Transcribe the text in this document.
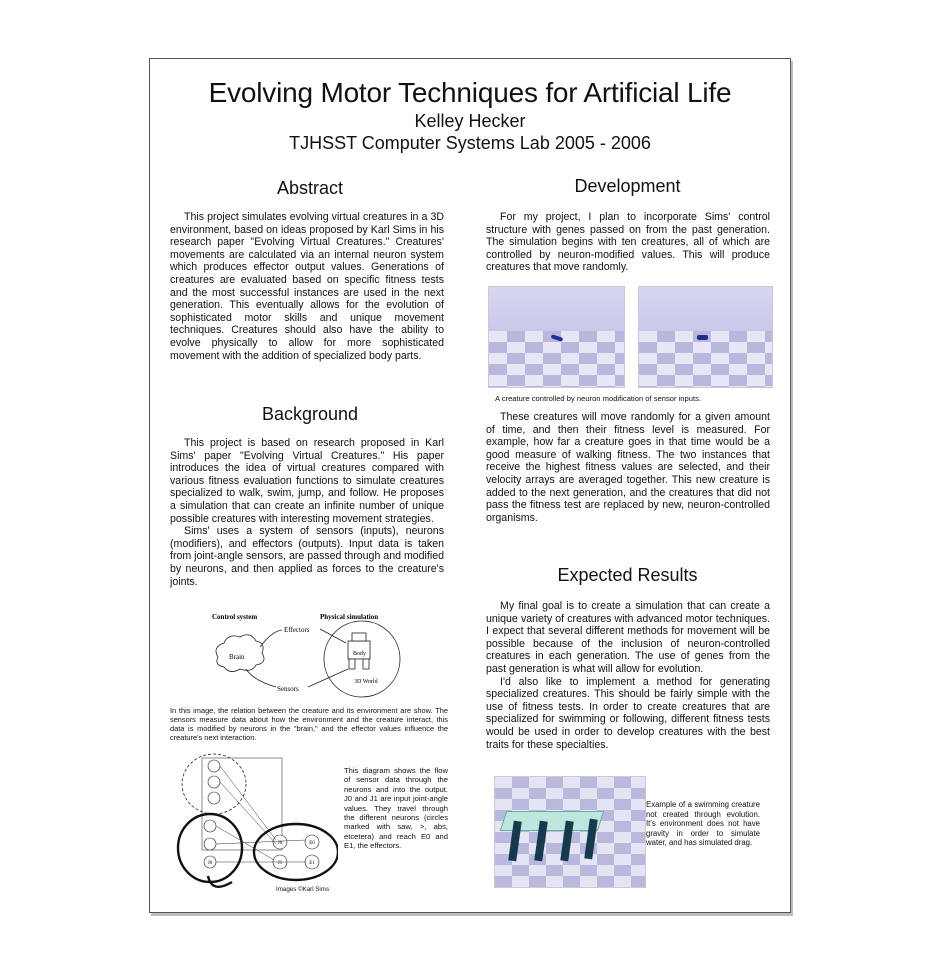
Evolving Motor Techniques for Artificial Life
Kelley Hecker
TJHSST Computer Systems Lab 2005 - 2006
Abstract

This project simulates evolving virtual creatures in a 3D environment, based on ideas proposed by Karl Sims in his research paper "Evolving Virtual Creatures." Creatures' movements are calculated via an internal neuron system which produces effector output values. Generations of creatures are evaluated based on specific fitness tests and the most successful instances are used in the next generation. This eventually allows for the evolution of sophisticated motor skills and unique movement techniques. Creatures should also have the ability to evolve physically to allow for more sophisticated movement with the addition of specialized body parts.

Background

This project is based on research proposed in Karl Sims' paper "Evolving Virtual Creatures." His paper introduces the idea of virtual creatures compared with various fitness evaluation functions to simulate creatures specialized to walk, swim, jump, and follow. He proposes a simulation that can create an infinite number of unique possible creatures with interesting movement strategies.

Sims' uses a system of sensors (inputs), neurons (modifiers), and effectors (outputs). Input data is taken from joint-angle sensors, are passed through and modified by neurons, and then applied as forces to the creature's joints.

Control system	Physical simulation
Brain
Effectors
Sensors
Body
3D World
In this image, the relation between the creature and its environment are show. The sensors measure data about how the environment and the creature interact, this data is modified by neurons in the "brain," and the effector values influence the creature's next interaction.
J0
J0	E0
J1	E1
This diagram shows the flow of sensor data through the neurons and into the output. J0 and J1 are input joint-angle values. They travel through the different neurons (circles marked with saw, >, abs, etcetera) and reach E0 and E1, the effectors.
Images ©Karl Sims
Development

For my project, I plan to incorporate Sims' control structure with genes passed on from the past generation. The simulation begins with ten creatures, all of which are controlled by neuron-modified values. This will produce creatures that move randomly.

A creature controlled by neuron modification of sensor inputs.

These creatures will move randomly for a given amount of time, and then their fitness level is measured. For example, how far a creature goes in that time would be a good measure of walking fitness. The two instances that receive the highest fitness values are selected, and their velocity arrays are averaged together. This new creature is added to the next generation, and the creatures that did not pass the fitness test are replaced by new, neuron-controlled organisms.

Expected Results

My final goal is to create a simulation that can create a unique variety of creatures with advanced motor techniques. I expect that several different methods for movement will be possible because of the inclusion of neuron-controlled creatures in each generation. The use of genes from the past generation is what will allow for evolution.

I'd also like to implement a method for generating specialized creatures. This should be fairly simple with the use of fitness tests. In order to create creatures that are specialized for swimming or following, different fitness tests would be used in order to develop creatures with the best traits for these specialties.

Example of a swimming creature not created through evolution. It's environment does not have gravity in order to simulate water, and has simulated drag.
